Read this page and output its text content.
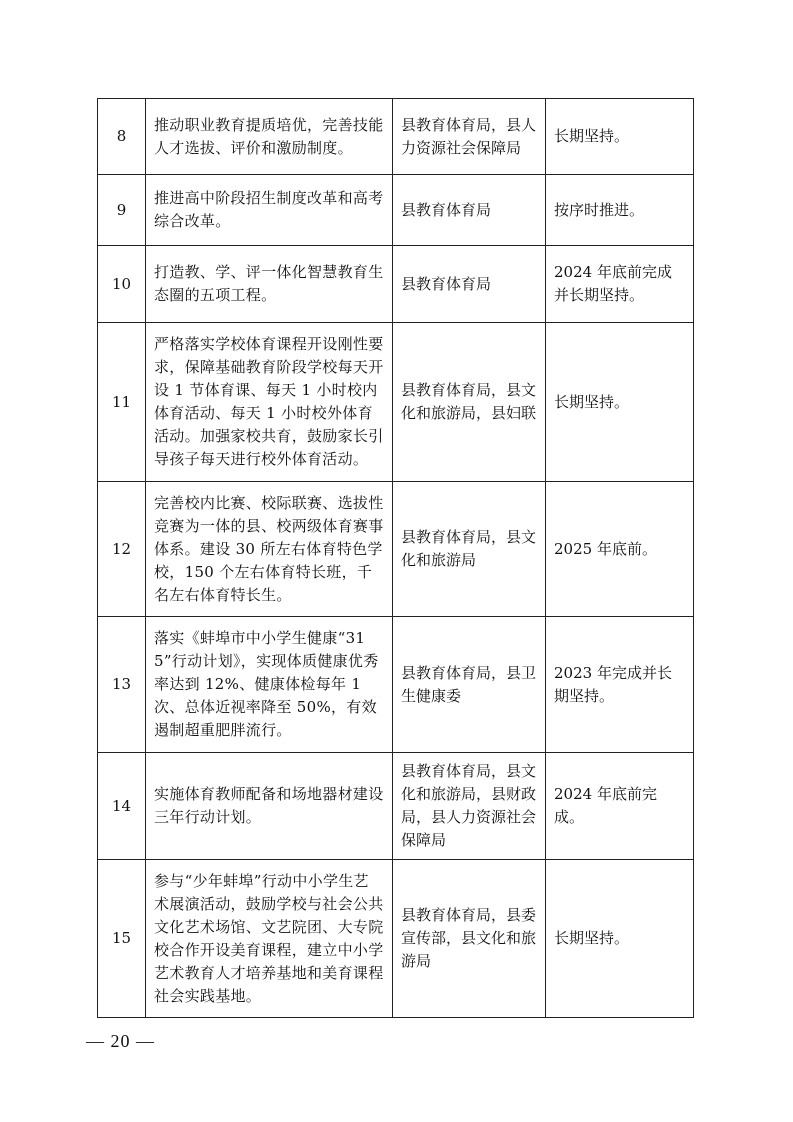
8	推动职业教育提质培优，完善技能人才选拔、评价和激励制度。	县教育体育局，县人力资源社会保障局	长期坚持。
9	推进高中阶段招生制度改革和高考综合改革。	县教育体育局	按序时推进。
10	打造教、学、评一体化智慧教育生态圈的五项工程。	县教育体育局	2024 年底前完成并长期坚持。
11	严格落实学校体育课程开设刚性要求，保障基础教育阶段学校每天开设 1 节体育课、每天 1 小时校内体育活动、每天 1 小时校外体育活动。加强家校共育，鼓励家长引导孩子每天进行校外体育活动。	县教育体育局，县文化和旅游局，县妇联	长期坚持。
12	完善校内比赛、校际联赛、选拔性竞赛为一体的县、校两级体育赛事体系。建设 30 所左右体育特色学校，150 个左右体育特长班，千名左右体育特长生。	县教育体育局，县文化和旅游局	2025 年底前。
13	落实《蚌埠市中小学生健康“315”行动计划》，实现体质健康优秀率达到 12%、健康体检每年 1 次、总体近视率降至 50%，有效遏制超重肥胖流行。	县教育体育局，县卫生健康委	2023 年完成并长期坚持。
14	实施体育教师配备和场地器材建设三年行动计划。	县教育体育局，县文化和旅游局，县财政局，县人力资源社会保障局	2024 年底前完成。
15	参与“少年蚌埠”行动中小学生艺术展演活动，鼓励学校与社会公共文化艺术场馆、文艺院团、大专院校合作开设美育课程，建立中小学艺术教育人才培养基地和美育课程社会实践基地。	县教育体育局，县委宣传部，县文化和旅游局	长期坚持。
— 20 —
